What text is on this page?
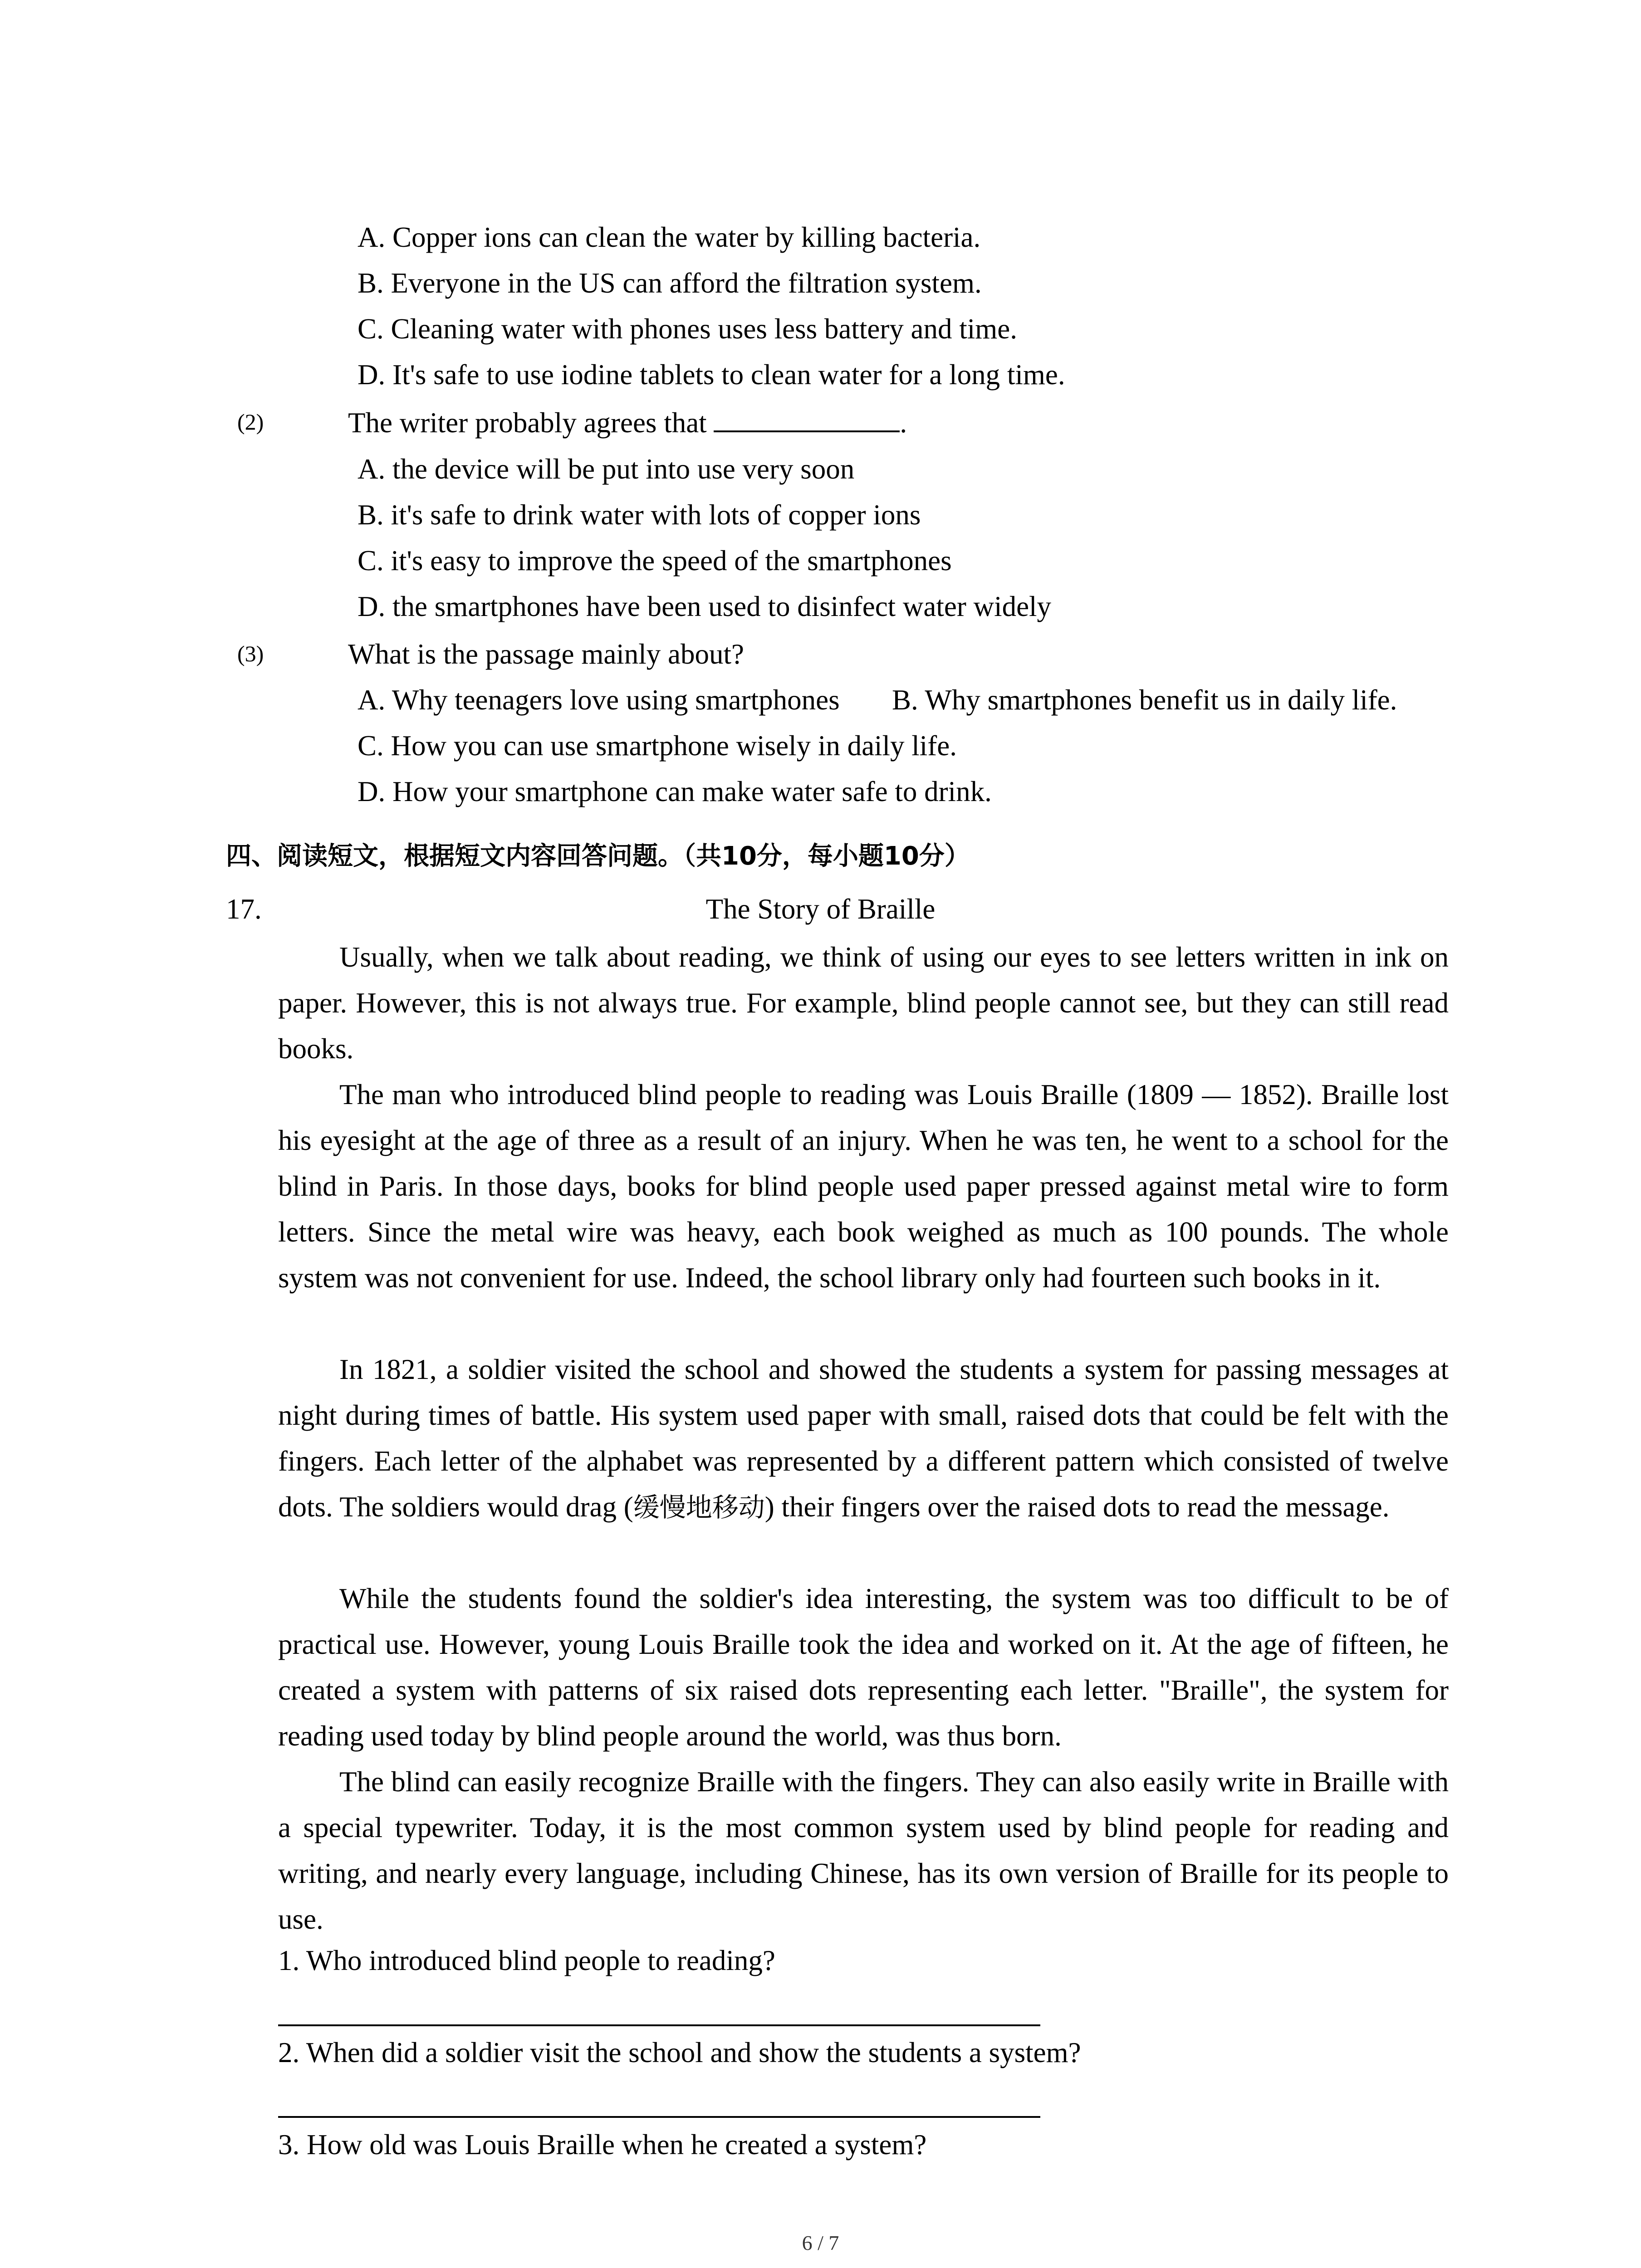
A. Copper ions can clean the water by killing bacteria.
B. Everyone in the US can afford the filtration system.
C. Cleaning water with phones uses less battery and time.
D. It's safe to use iodine tablets to clean water for a long time.
(2)	The writer probably agrees that	.
A. the device will be put into use very soon
B. it's safe to drink water with lots of copper ions
C. it's easy to improve the speed of the smartphones
D. the smartphones have been used to disinfect water widely
(3)	What is the passage mainly about?
A. Why teenagers love using smartphones B. Why smartphones benefit us in daily life.
C. How you can use smartphone wisely in daily life.
D. How your smartphone can make water safe to drink.
四、阅读短文，根据短文内容回答问题。（共10分，每小题10分）
17.	The Story of Braille

Usually, when we talk about reading, we think of using our eyes to see letters written in ink on paper. However, this is not always true. For example, blind people cannot see, but they can still read books.

The man who introduced blind people to reading was Louis Braille (1809 — 1852). Braille lost his eyesight at the age of three as a result of an injury. When he was ten, he went to a school for the blind in Paris. In those days, books for blind people used paper pressed against metal wire to form letters. Since the metal wire was heavy, each book weighed as much as 100 pounds. The whole system was not convenient for use. Indeed, the school library only had fourteen such books in it.

In 1821, a soldier visited the school and showed the students a system for passing messages at night during times of battle. His system used paper with small, raised dots that could be felt with the fingers. Each letter of the alphabet was represented by a different pattern which consisted of twelve dots. The soldiers would drag (缓慢地移动) their fingers over the raised dots to read the message.

While the students found the soldier's idea interesting, the system was too difficult to be of practical use. However, young Louis Braille took the idea and worked on it. At the age of fifteen, he created a system with patterns of six raised dots representing each letter. "Braille", the system for reading used today by blind people around the world, was thus born.

The blind can easily recognize Braille with the fingers. They can also easily write in Braille with a special typewriter. Today, it is the most common system used by blind people for reading and writing, and nearly every language, including Chinese, has its own version of Braille for its people to use.

1. Who introduced blind people to reading?
2. When did a soldier visit the school and show the students a system?
3. How old was Louis Braille when he created a system?
6 / 7
